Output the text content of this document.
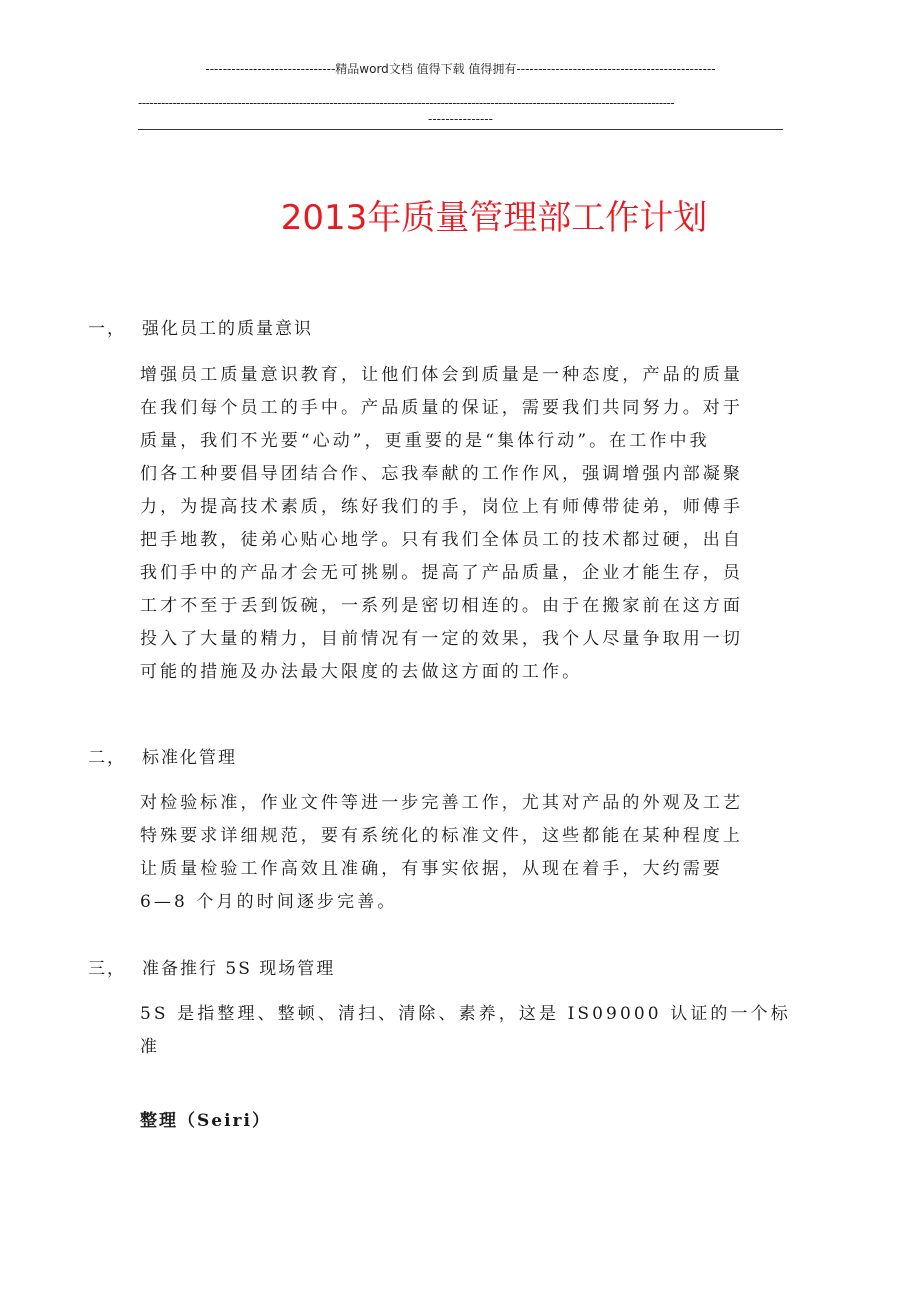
------------------------------精品word文档 值得下载 值得拥有----------------------------------------------
--------------------------------------------------------------------------------------------------------------------------------------------
---------------
2013年质量管理部工作计划
一， 强化员工的质量意识
增强员工质量意识教育，让他们体会到质量是一种态度，产品的质量
在我们每个员工的手中。产品质量的保证，需要我们共同努力。对于
质量，我们不光要“心动”，更重要的是“集体行动”。在工作中我
们各工种要倡导团结合作、忘我奉献的工作作风，强调增强内部凝聚
力，为提高技术素质，练好我们的手，岗位上有师傅带徒弟，师傅手
把手地教，徒弟心贴心地学。只有我们全体员工的技术都过硬，出自
我们手中的产品才会无可挑剔。提高了产品质量，企业才能生存，员
工才不至于丢到饭碗，一系列是密切相连的。由于在搬家前在这方面
投入了大量的精力，目前情况有一定的效果，我个人尽量争取用一切
可能的措施及办法最大限度的去做这方面的工作。
二， 标准化管理
对检验标准，作业文件等进一步完善工作，尤其对产品的外观及工艺
特殊要求详细规范，要有系统化的标准文件，这些都能在某种程度上
让质量检验工作高效且准确，有事实依据，从现在着手，大约需要
6—8 个月的时间逐步完善。
三， 准备推行 5S 现场管理
5S 是指整理、整顿、清扫、清除、素养，这是 IS09000 认证的一个标
准
整理（Seiri）
